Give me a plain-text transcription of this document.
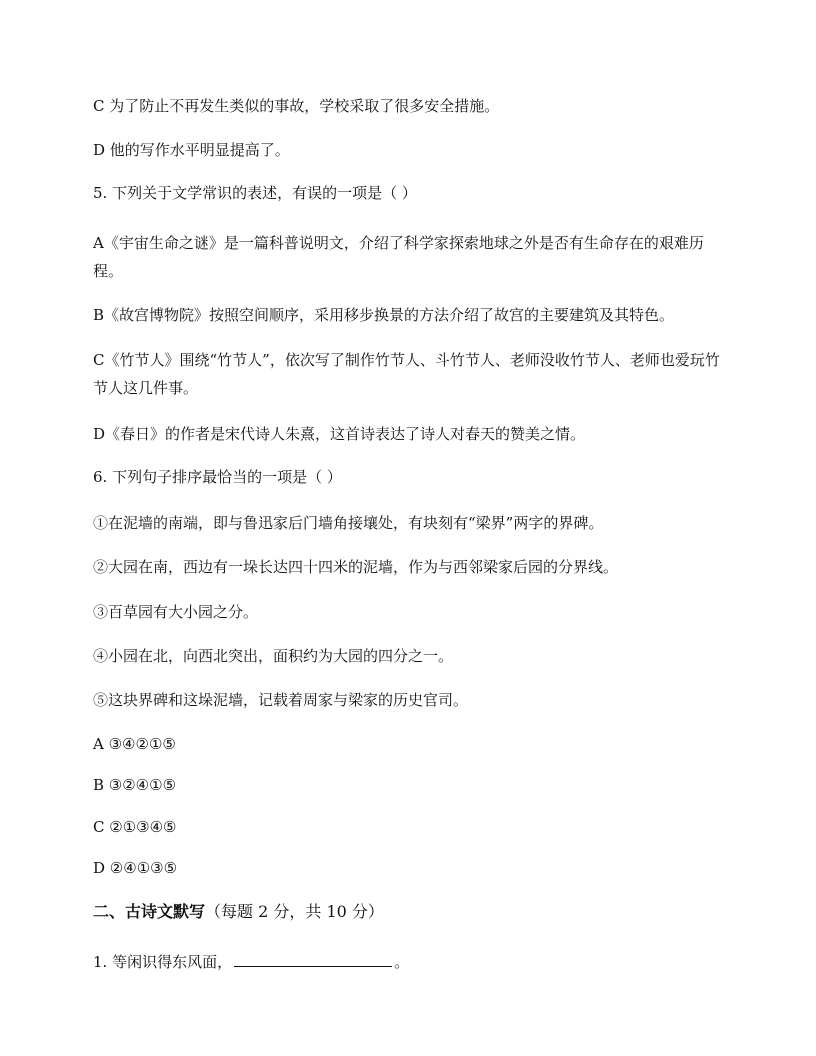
C 为了防止不再发生类似的事故，学校采取了很多安全措施。
D 他的写作水平明显提高了。
5. 下列关于文学常识的表述，有误的一项是（ ）
A《宇宙生命之谜》是一篇科普说明文，介绍了科学家探索地球之外是否有生命存在的艰难历程。
B《故宫博物院》按照空间顺序，采用移步换景的方法介绍了故宫的主要建筑及其特色。
C《竹节人》围绕“竹节人”，依次写了制作竹节人、斗竹节人、老师没收竹节人、老师也爱玩竹节人这几件事。
D《春日》的作者是宋代诗人朱熹，这首诗表达了诗人对春天的赞美之情。
6. 下列句子排序最恰当的一项是（ ）
①在泥墙的南端，即与鲁迅家后门墙角接壤处，有块刻有“梁界”两字的界碑。
②大园在南，西边有一垛长达四十四米的泥墙，作为与西邻梁家后园的分界线。
③百草园有大小园之分。
④小园在北，向西北突出，面积约为大园的四分之一。
⑤这块界碑和这垛泥墙，记载着周家与梁家的历史官司。
A ③④②①⑤
B ③②④①⑤
C ②①③④⑤
D ②④①③⑤
二、古诗文默写（每题 2 分，共 10 分）
1. 等闲识得东风面，	。
